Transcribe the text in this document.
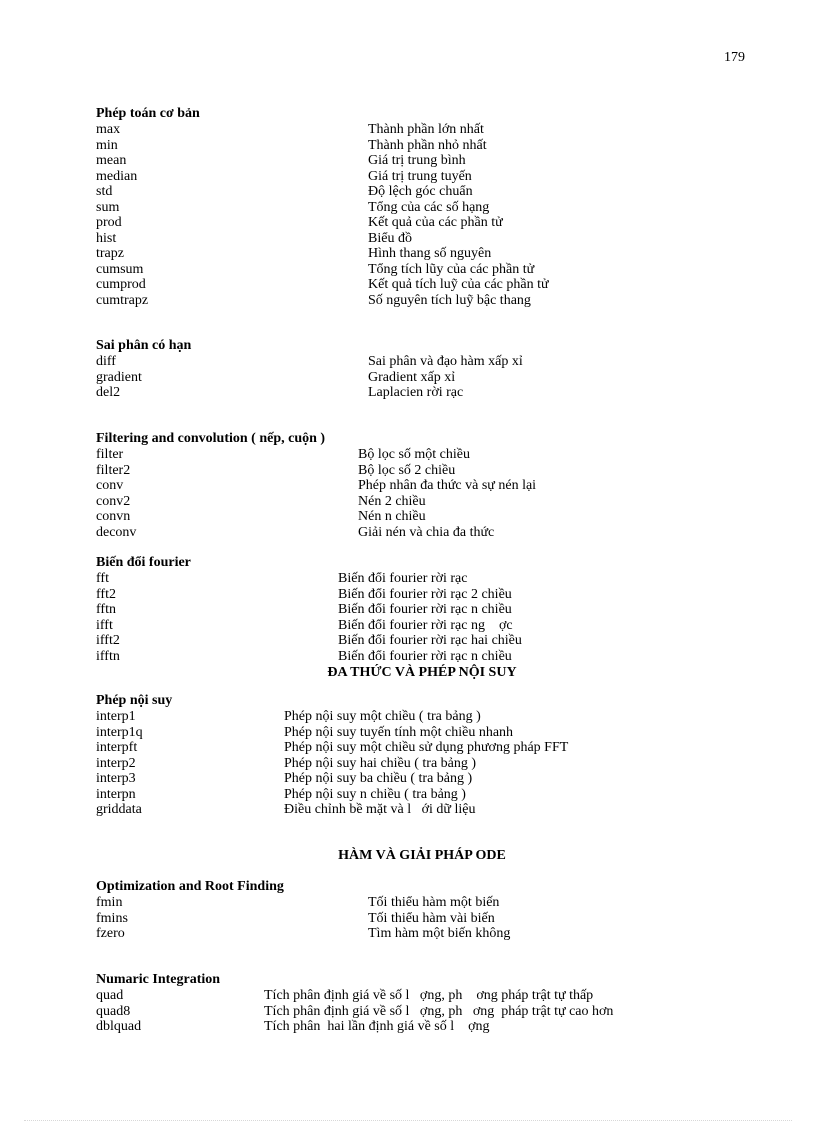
179
Phép toán cơ bản
max	Thành phần lớn nhất
min	Thành phần nhỏ nhất
mean	Giá trị trung bình
median	Giá trị trung tuyến
std	Độ lệch góc chuẩn
sum	Tổng của các số hạng
prod	Kết quả của các phần tử
hist	Biểu đồ
trapz	Hình thang số nguyên
cumsum	Tổng tích lũy của các phần tử
cumprod	Kết quả tích luỹ của các phần tử
cumtrapz	Số nguyên tích luỹ bậc thang
Sai phân có hạn
diff	Sai phân và đạo hàm xấp xỉ
gradient	Gradient xấp xỉ
del2	Laplacien rời rạc
Filtering and convolution ( nếp, cuộn )
filter	Bộ lọc số một chiều
filter2	Bộ lọc số 2 chiều
conv	Phép nhân đa thức và sự nén lại
conv2	Nén 2 chiều
convn	Nén n chiều
deconv	Giải nén và chia đa thức
Biến đổi fourier
fft	Biến đổi fourier rời rạc
fft2	Biến đổi fourier rời rạc 2 chiều
fftn	Biến đổi fourier rời rạc n chiều
ifft	Biến đổi fourier rời rạc ng    ợc
ifft2	Biến đổi fourier rời rạc hai chiều
ifftn	Biến đổi fourier rời rạc n chiều
ĐA THỨC VÀ PHÉP NỘI SUY
Phép nội suy
interp1	Phép nội suy một chiều ( tra bảng )
interp1q	Phép nội suy tuyến tính một chiều nhanh
interpft	Phép nội suy một chiều sử dụng phương pháp FFT
interp2	Phép nội suy hai chiều ( tra bảng )
interp3	Phép nội suy ba chiều ( tra bảng )
interpn	Phép nội suy n chiều ( tra bảng )
griddata	Điều chỉnh bề mặt và l   ới dữ liệu
HÀM VÀ GIẢI PHÁP ODE
Optimization and Root Finding
fmin	Tối thiểu hàm một biến
fmins	Tối thiểu hàm vài biến
fzero	Tìm hàm một biến không
Numaric Integration
quad	Tích phân định giá về số l   ợng, ph    ơng pháp trật tự thấp
quad8	Tích phân định giá về số l   ợng, ph   ơng  pháp trật tự cao hơn
dblquad	Tích phân  hai lần định giá về số l    ợng
